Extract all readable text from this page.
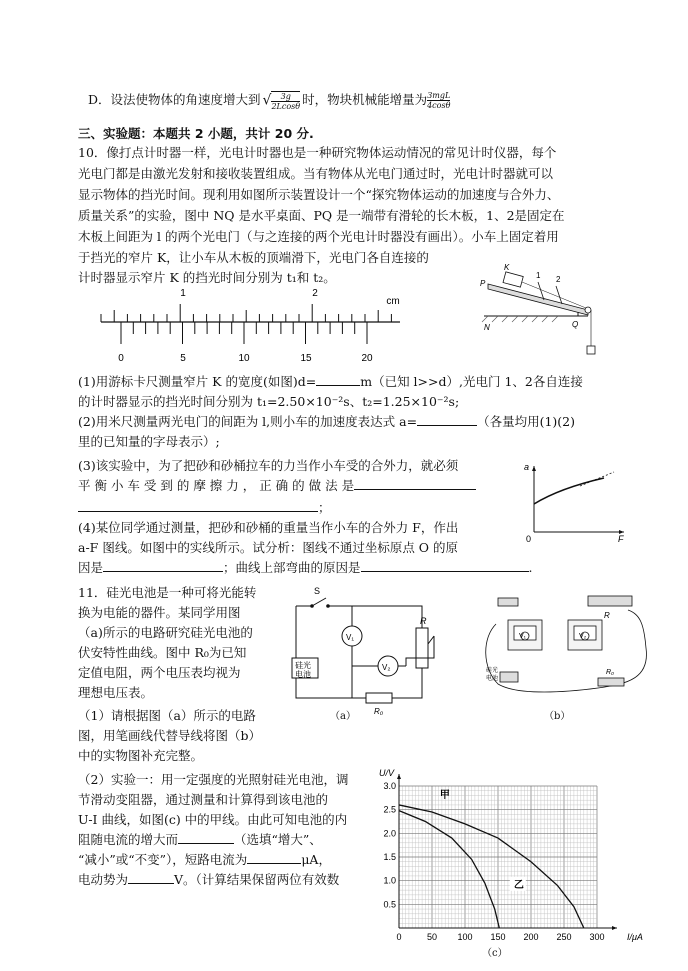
D．设法使物体的角速度增大到 √ $\frac{3g}{2Lcos\theta}$ 时，物块机械能增量为 3mgL
4cosθ
三、实验题：本题共 2 小题，共计 20 分.
10．像打点计时器一样，光电计时器也是一种研究物体运动情况的常见计时仪器，每个
光电门都是由激光发射和接收装置组成。当有物体从光电门通过时，光电计时器就可以
显示物体的挡光时间。现利用如图所示装置设计一个“探究物体运动的加速度与合外力、
质量关系”的实验，图中 NQ 是水平桌面、PQ 是一端带有滑轮的长木板，1、2是固定在
木板上间距为 l 的两个光电门（与之连接的两个光电计时器没有画出）。小车上固定着用
于挡光的窄片 K，让小车从木板的顶端滑下，光电门各自连接的
计时器显示窄片 K 的挡光时间分别为 t₁和 t₂。
1	2
cm
0	5	10	15	20
K
1 2
P
N	Q
(1)用游标卡尺测量窄片 K 的宽度(如图)d=	m（已知 l>>d）,光电门 1、2各自连接
的计时器显示的挡光时间分别为 t₁=2.50×10⁻²s、t₂=1.25×10⁻²s;
(2)用米尺测量两光电门的间距为 l,则小车的加速度表达式 a=	（各量均用(1)(2)
里的已知量的字母表示）;
(3)该实验中，为了把砂和砂桶拉车的力当作小车受的合外力，就必须
平 衡 小 车 受 到 的 摩 擦 力 ， 正 确 的 做 法 是
；
a
F
0
(4)某位同学通过测量，把砂和砂桶的重量当作小车的合外力 F，作出
a-F 图线。如图中的实线所示。试分析：图线不通过坐标原点 O 的原
因是	；曲线上部弯曲的原因是	.
11．硅光电池是一种可将光能转
换为电能的器件。某同学用图
（a)所示的电路研究硅光电池的
伏安特性曲线。图中 R₀为已知
定值电阻，两个电压表均视为
理想电压表。
（1）请根据图（a）所示的电路
图，用笔画线代替导线将图（b）
中的实物图补充完整。
S
硅光
电池
V₁
V₂
R
R₀
（a）
R
V₁	V₂
R₀
硅光
电池
（b）
（2）实验一：用一定强度的光照射硅光电池，调
节滑动变阻器，通过测量和计算得到该电池的
U-I 曲线，如图(c) 中的甲线。由此可知电池的内
阻随电流的增大而	（选填“增大”、
“减小”或“不变”），短路电流为	μA，
电动势为	V。（计算结果保留两位有效数
0	50 100 150 200 250 300
0.5
1.0
1.5
2.0
2.5
3.0
I/μA
U/V
甲
乙
（c）
